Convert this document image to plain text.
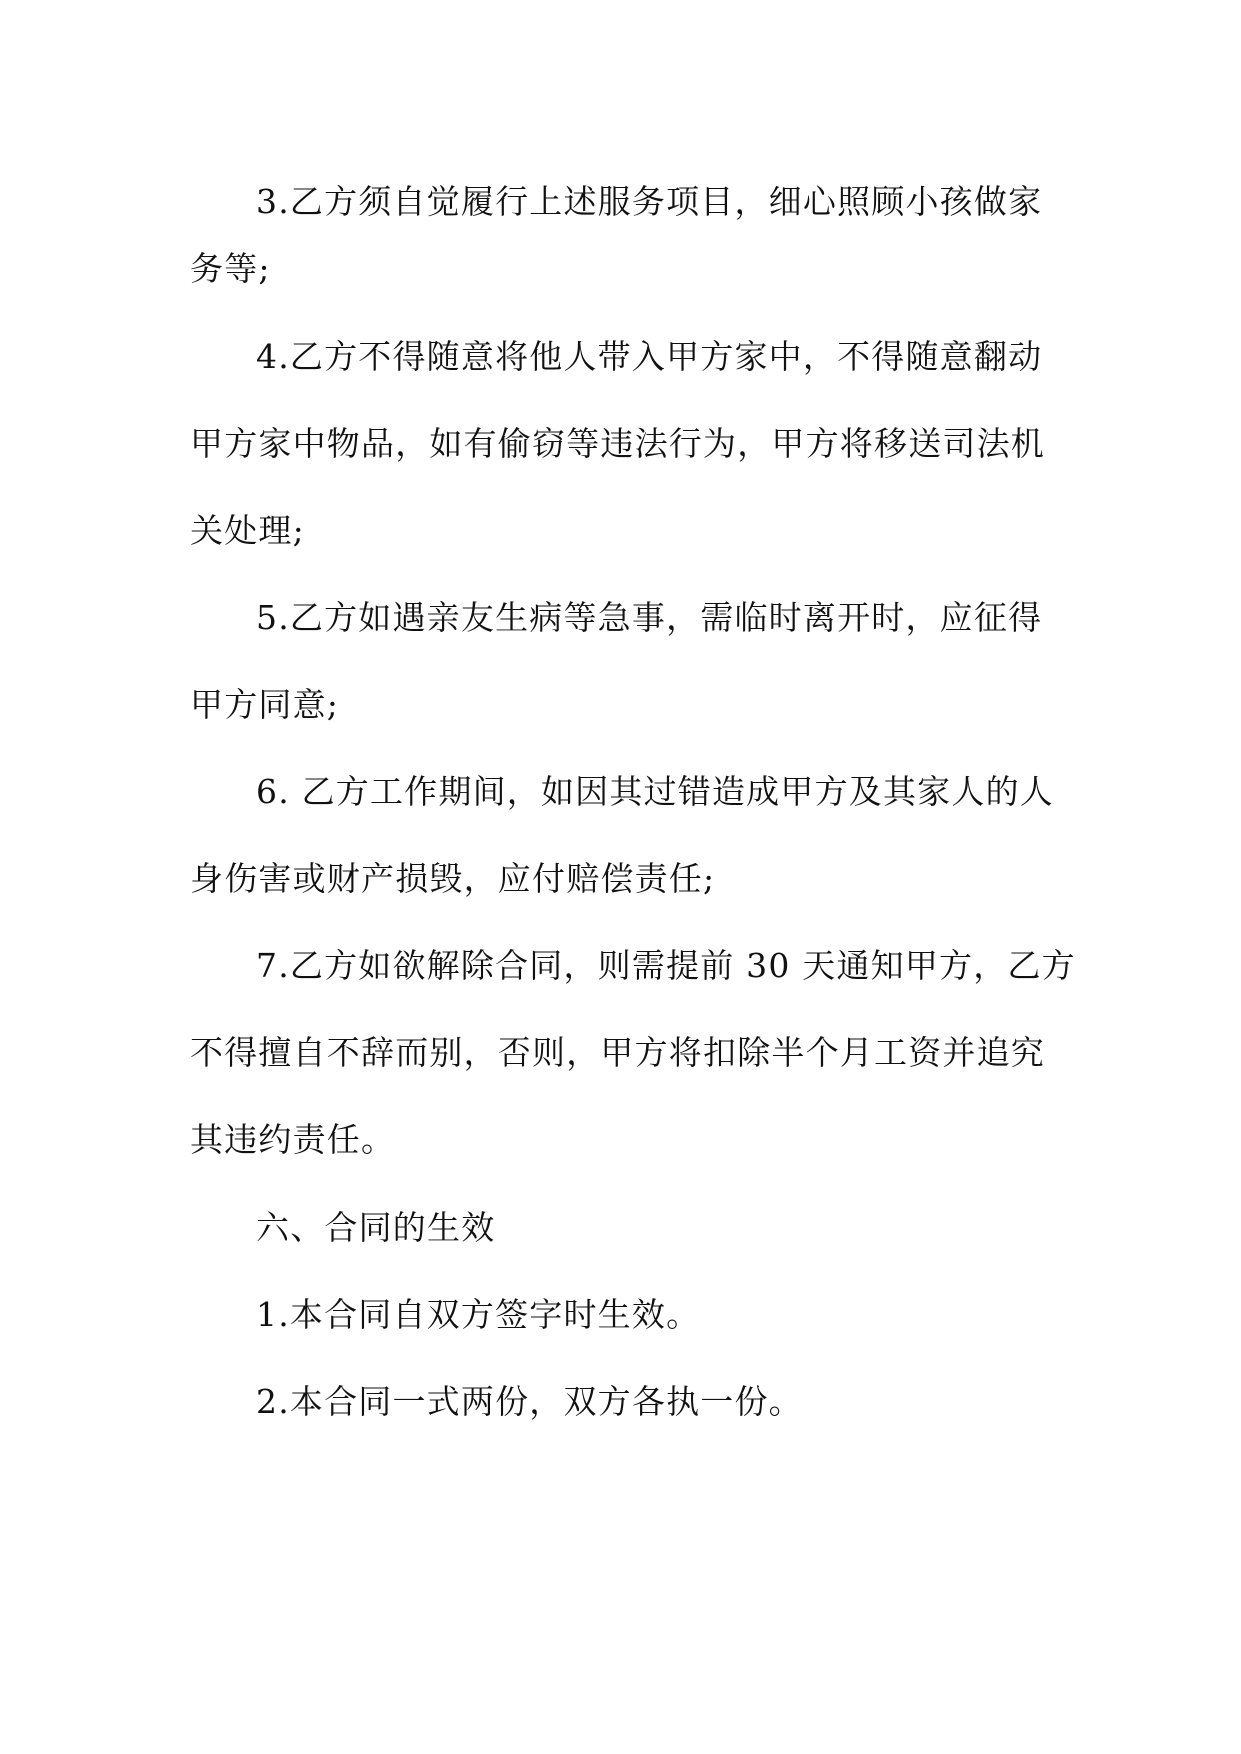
3.乙方须自觉履行上述服务项目，细心照顾小孩做家
务等;
4.乙方不得随意将他人带入甲方家中，不得随意翻动
甲方家中物品，如有偷窃等违法行为，甲方将移送司法机
关处理;
5.乙方如遇亲友生病等急事，需临时离开时，应征得
甲方同意;
6. 乙方工作期间，如因其过错造成甲方及其家人的人
身伤害或财产损毁，应付赔偿责任;
7.乙方如欲解除合同，则需提前 30 天通知甲方，乙方
不得擅自不辞而别，否则，甲方将扣除半个月工资并追究
其违约责任。
六、合同的生效
1.本合同自双方签字时生效。
2.本合同一式两份，双方各执一份。
